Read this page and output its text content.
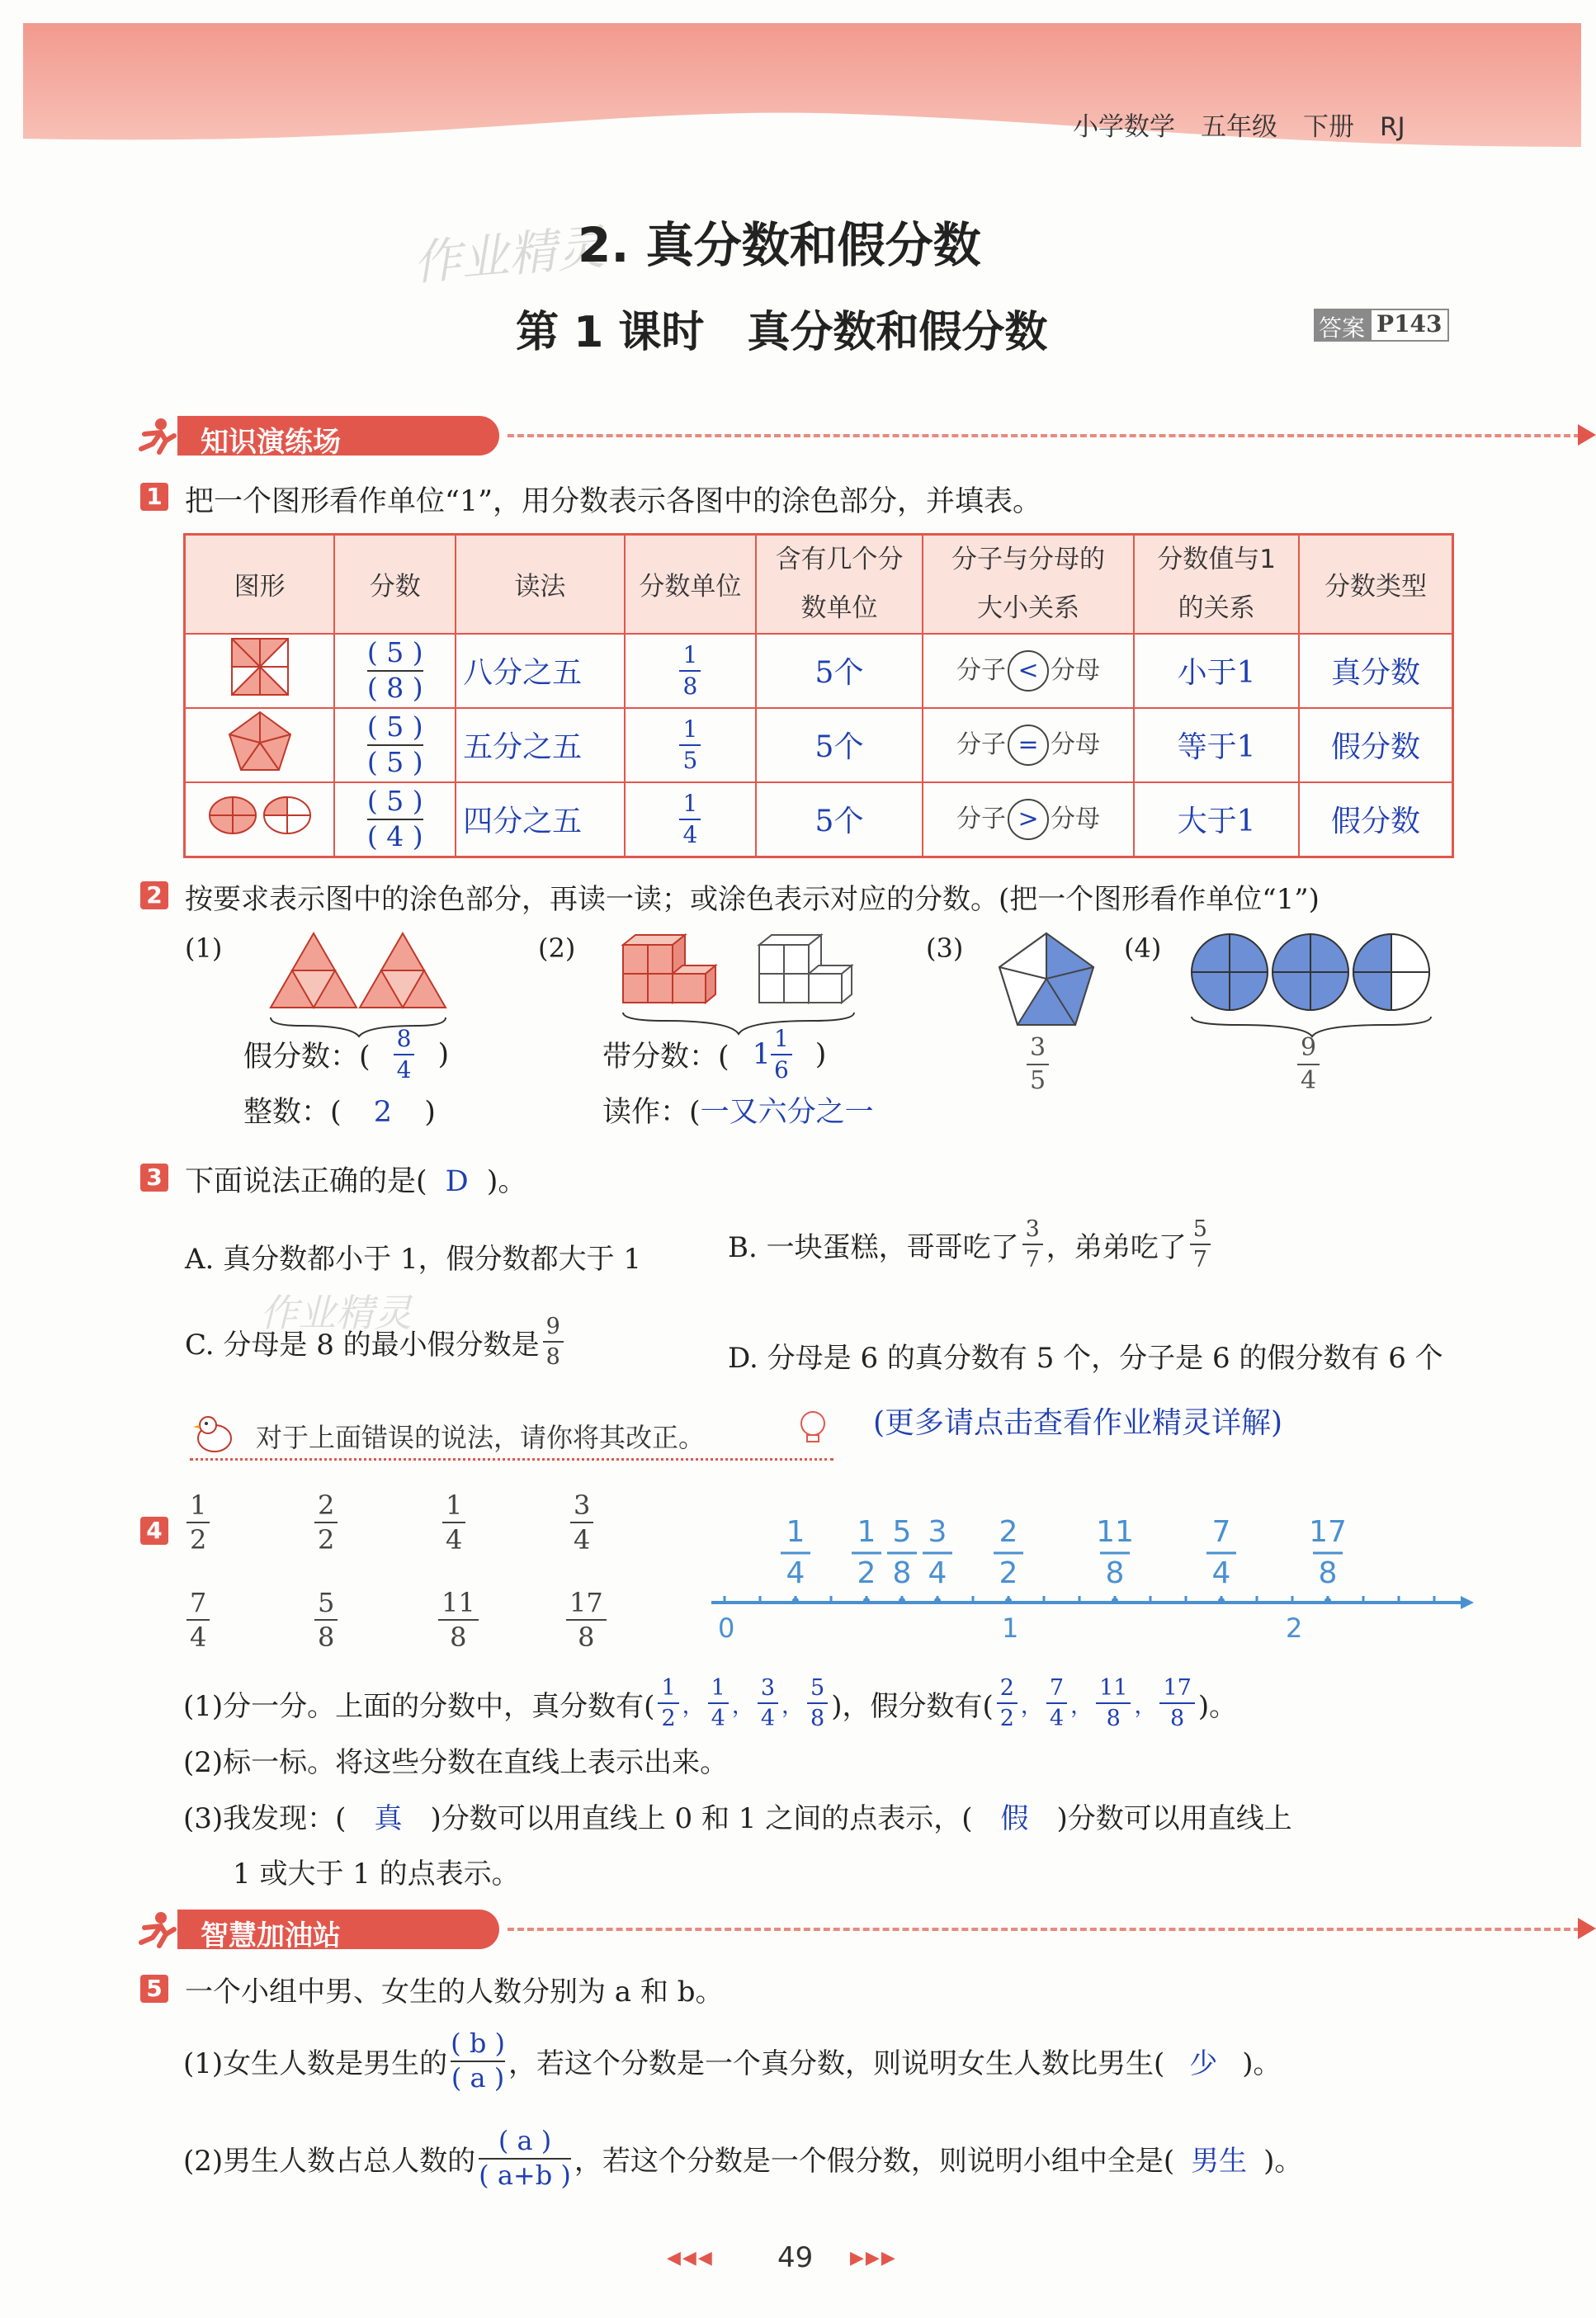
小学数学　五年级　下册　RJ
作业精灵
2. 真分数和假分数
第 1 课时　真分数和假分数	答案 P143
知识演练场
1 把一个图形看作单位“1”，用分数表示各图中的涂色部分，并填表。
图形	分数	读法	分数单位	含有几个分数单位	分子与分母的大小关系	分数值与1的关系	分数类型

$\frac{( 5 )}{( 8 )}$	八分之五	$\frac{1}{8}$	5个	分子 < 分母	小于1	真分数

$\frac{( 5 )}{( 5 )}$	五分之五	$\frac{1}{5}$	5个	分子 = 分母	等于1	假分数

$\frac{( 5 )}{( 4 )}$	四分之五	$\frac{1}{4}$	5个	分子 > 分母	大于1	假分数
2 按要求表示图中的涂色部分，再读一读；或涂色表示对应的分数。(把一个图形看作单位“1”)
(1)
假分数：( $\frac{8}{4}$ )
整数：( 2 )
(2)
带分数：( $1 \frac{1}{6}$ )
读作：(一又六分之一
(3)
3
5
(4)
9
4
3 下面说法正确的是( D )。
A. 真分数都小于 1，假分数都大于 1	B. 一块蛋糕，哥哥吃了 $\frac{3}{7}$ ，弟弟吃了 $\frac{5}{7}$
作业精灵
C. 分母是 8 的最小假分数是 $\frac{9}{8}$	D. 分母是 6 的真分数有 5 个，分子是 6 的假分数有 6 个
对于上面错误的说法，请你将其改正。	(更多请点击查看作业精灵详解)
4
1
2
2
2
1
4
3
4
7
4
5
8
11
8
17
8	0	1	2
1
4
1
2
5
8
3
4
2
2
11
8
7
4
17
8
(1)分一分。上面的分数中，真分数有( $\frac{1}{2}$ ， $\frac{1}{4}$ ， $\frac{3}{4}$ ， $\frac{5}{8}$ )，假分数有( $\frac{2}{2}$ ， $\frac{7}{4}$ ， $\frac{11}{8}$ ， $\frac{17}{8}$ )。
(2)标一标。将这些分数在直线上表示出来。
(3)我发现：( 真 )分数可以用直线上 0 和 1 之间的点表示，( 假 )分数可以用直线上
1 或大于 1 的点表示。
智慧加油站
5 一个小组中男、女生的人数分别为 a 和 b。
(1)女生人数是男生的
( b )
( a ) ，若这个分数是一个真分数，则说明女生人数比男生( 少 )。
(2)男生人数占总人数的
( a )
( a+b ) ，若这个分数是一个假分数，则说明小组中全是( 男生 )。
◀◀◀ 49 ▶▶▶
